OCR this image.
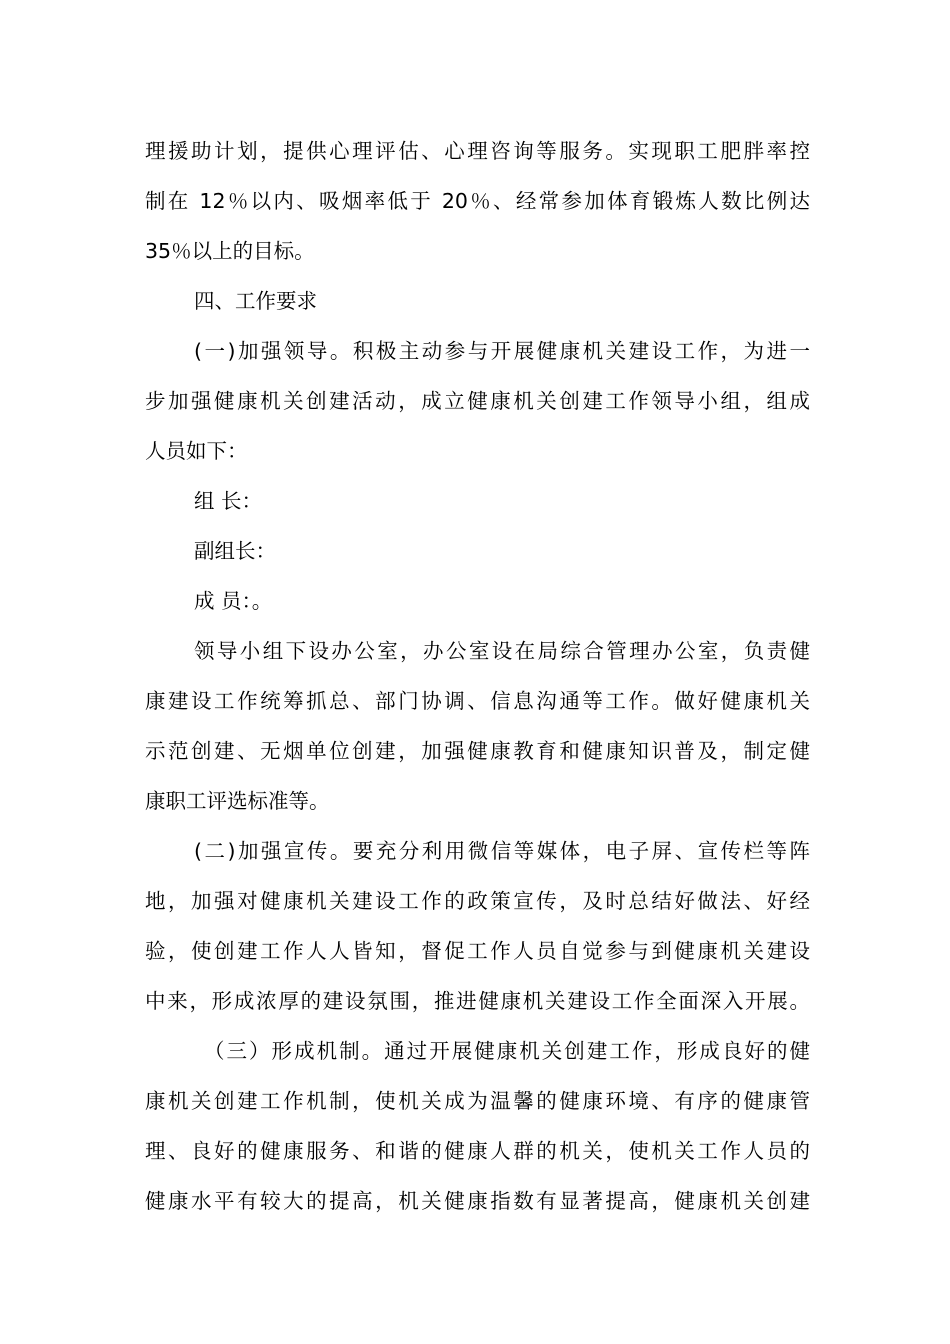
理援助计划，提供心理评估、心理咨询等服务。实现职工肥胖率控
制在 12％以内、吸烟率低于 20％、经常参加体育锻炼人数比例达
35％以上的目标。
四、工作要求
(一)加强领导。积极主动参与开展健康机关建设工作，为进一
步加强健康机关创建活动，成立健康机关创建工作领导小组，组成
人员如下：
组 长：
副组长：
成 员：。
领导小组下设办公室，办公室设在局综合管理办公室，负责健
康建设工作统筹抓总、部门协调、信息沟通等工作。做好健康机关
示范创建、无烟单位创建，加强健康教育和健康知识普及，制定健
康职工评选标准等。
(二)加强宣传。要充分利用微信等媒体，电子屏、宣传栏等阵
地，加强对健康机关建设工作的政策宣传，及时总结好做法、好经
验，使创建工作人人皆知，督促工作人员自觉参与到健康机关建设
中来，形成浓厚的建设氛围，推进健康机关建设工作全面深入开展。
（三）形成机制。通过开展健康机关创建工作，形成良好的健
康机关创建工作机制，使机关成为温馨的健康环境、有序的健康管
理、良好的健康服务、和谐的健康人群的机关，使机关工作人员的
健康水平有较大的提高，机关健康指数有显著提高，健康机关创建
